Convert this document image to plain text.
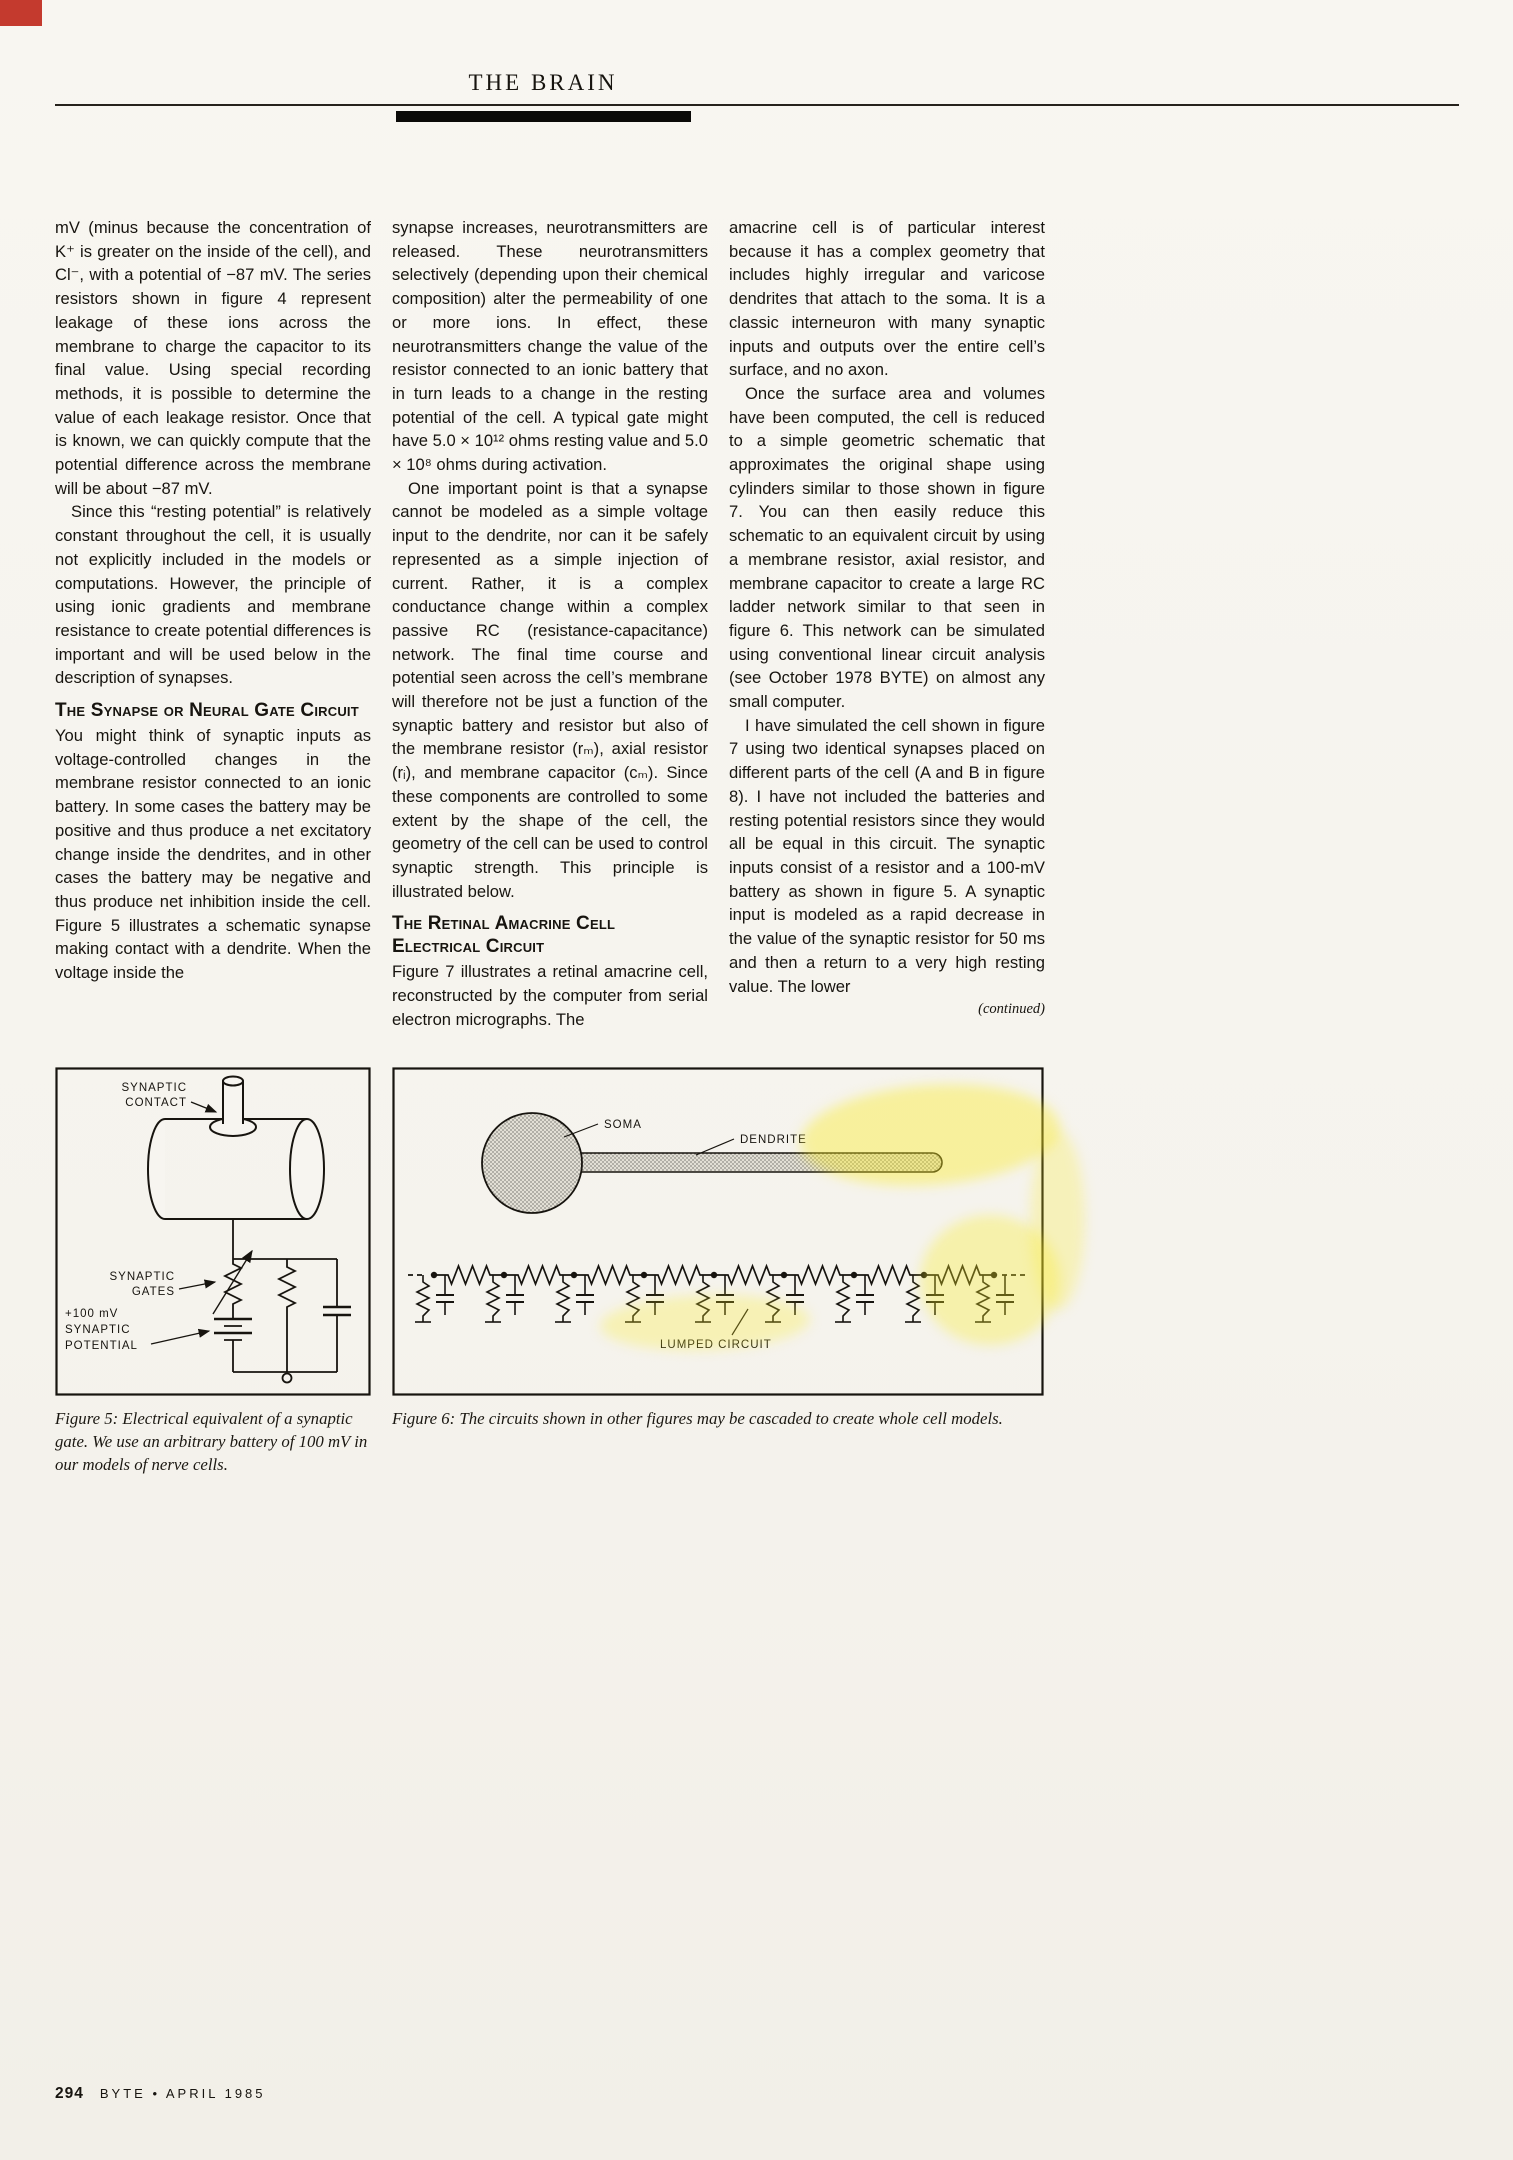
THE BRAIN

mV (minus because the concentration of K⁺ is greater on the inside of the cell), and Cl⁻, with a potential of −87 mV. The series resistors shown in figure 4 represent leakage of these ions across the membrane to charge the capacitor to its final value. Using special recording methods, it is possible to determine the value of each leakage resistor. Once that is known, we can quickly compute that the potential difference across the membrane will be about −87 mV.

Since this “resting potential” is relatively constant throughout the cell, it is usually not explicitly included in the models or computations. However, the principle of using ionic gradients and membrane resistance to create potential differences is important and will be used below in the description of synapses.

The Synapse or Neural Gate Circuit

You might think of synaptic inputs as voltage-controlled changes in the membrane resistor connected to an ionic battery. In some cases the battery may be positive and thus produce a net excitatory change inside the dendrites, and in other cases the battery may be negative and thus produce net inhibition inside the cell. Figure 5 illustrates a schematic synapse making contact with a dendrite. When the voltage inside the

synapse increases, neurotransmitters are released. These neurotransmitters selectively (depending upon their chemical composition) alter the permeability of one or more ions. In effect, these neurotransmitters change the value of the resistor connected to an ionic battery that in turn leads to a change in the resting potential of the cell. A typical gate might have 5.0 × 10¹² ohms resting value and 5.0 × 10⁸ ohms during activation.

One important point is that a synapse cannot be modeled as a simple voltage input to the dendrite, nor can it be safely represented as a simple injection of current. Rather, it is a complex conductance change within a complex passive RC (resistance-capacitance) network. The final time course and potential seen across the cell’s membrane will therefore not be just a function of the synaptic battery and resistor but also of the membrane resistor (rₘ), axial resistor (rᵢ), and membrane capacitor (cₘ). Since these components are controlled to some extent by the shape of the cell, the geometry of the cell can be used to control synaptic strength. This principle is illustrated below.

The Retinal Amacrine Cell Electrical Circuit

Figure 7 illustrates a retinal amacrine cell, reconstructed by the computer from serial electron micrographs. The

amacrine cell is of particular interest because it has a complex geometry that includes highly irregular and varicose dendrites that attach to the soma. It is a classic interneuron with many synaptic inputs and outputs over the entire cell’s surface, and no axon.

Once the surface area and volumes have been computed, the cell is reduced to a simple geometric schematic that approximates the original shape using cylinders similar to those shown in figure 7. You can then easily reduce this schematic to an equivalent circuit by using a membrane resistor, axial resistor, and membrane capacitor to create a large RC ladder network similar to that seen in figure 6. This network can be simulated using conventional linear circuit analysis (see October 1978 BYTE) on almost any small computer.

I have simulated the cell shown in figure 7 using two identical synapses placed on different parts of the cell (A and B in figure 8). I have not included the batteries and resting potential resistors since they would all be equal in this circuit. The synaptic inputs consist of a resistor and a 100-mV battery as shown in figure 5. A synaptic input is modeled as a rapid decrease in the value of the synaptic resistor for 50 ms and then a return to a very high resting value. The lower

(continued)

SYNAPTIC
CONTACT
SYNAPTIC
GATES
+100 mV
SYNAPTIC
POTENTIAL
SOMA
DENDRITE
LUMPED CIRCUIT
Figure 5: Electrical equivalent of a synaptic gate. We use an arbitrary battery of 100 mV in our models of nerve cells.
Figure 6: The circuits shown in other figures may be cascaded to create whole cell models.
294 BYTE • APRIL 1985
